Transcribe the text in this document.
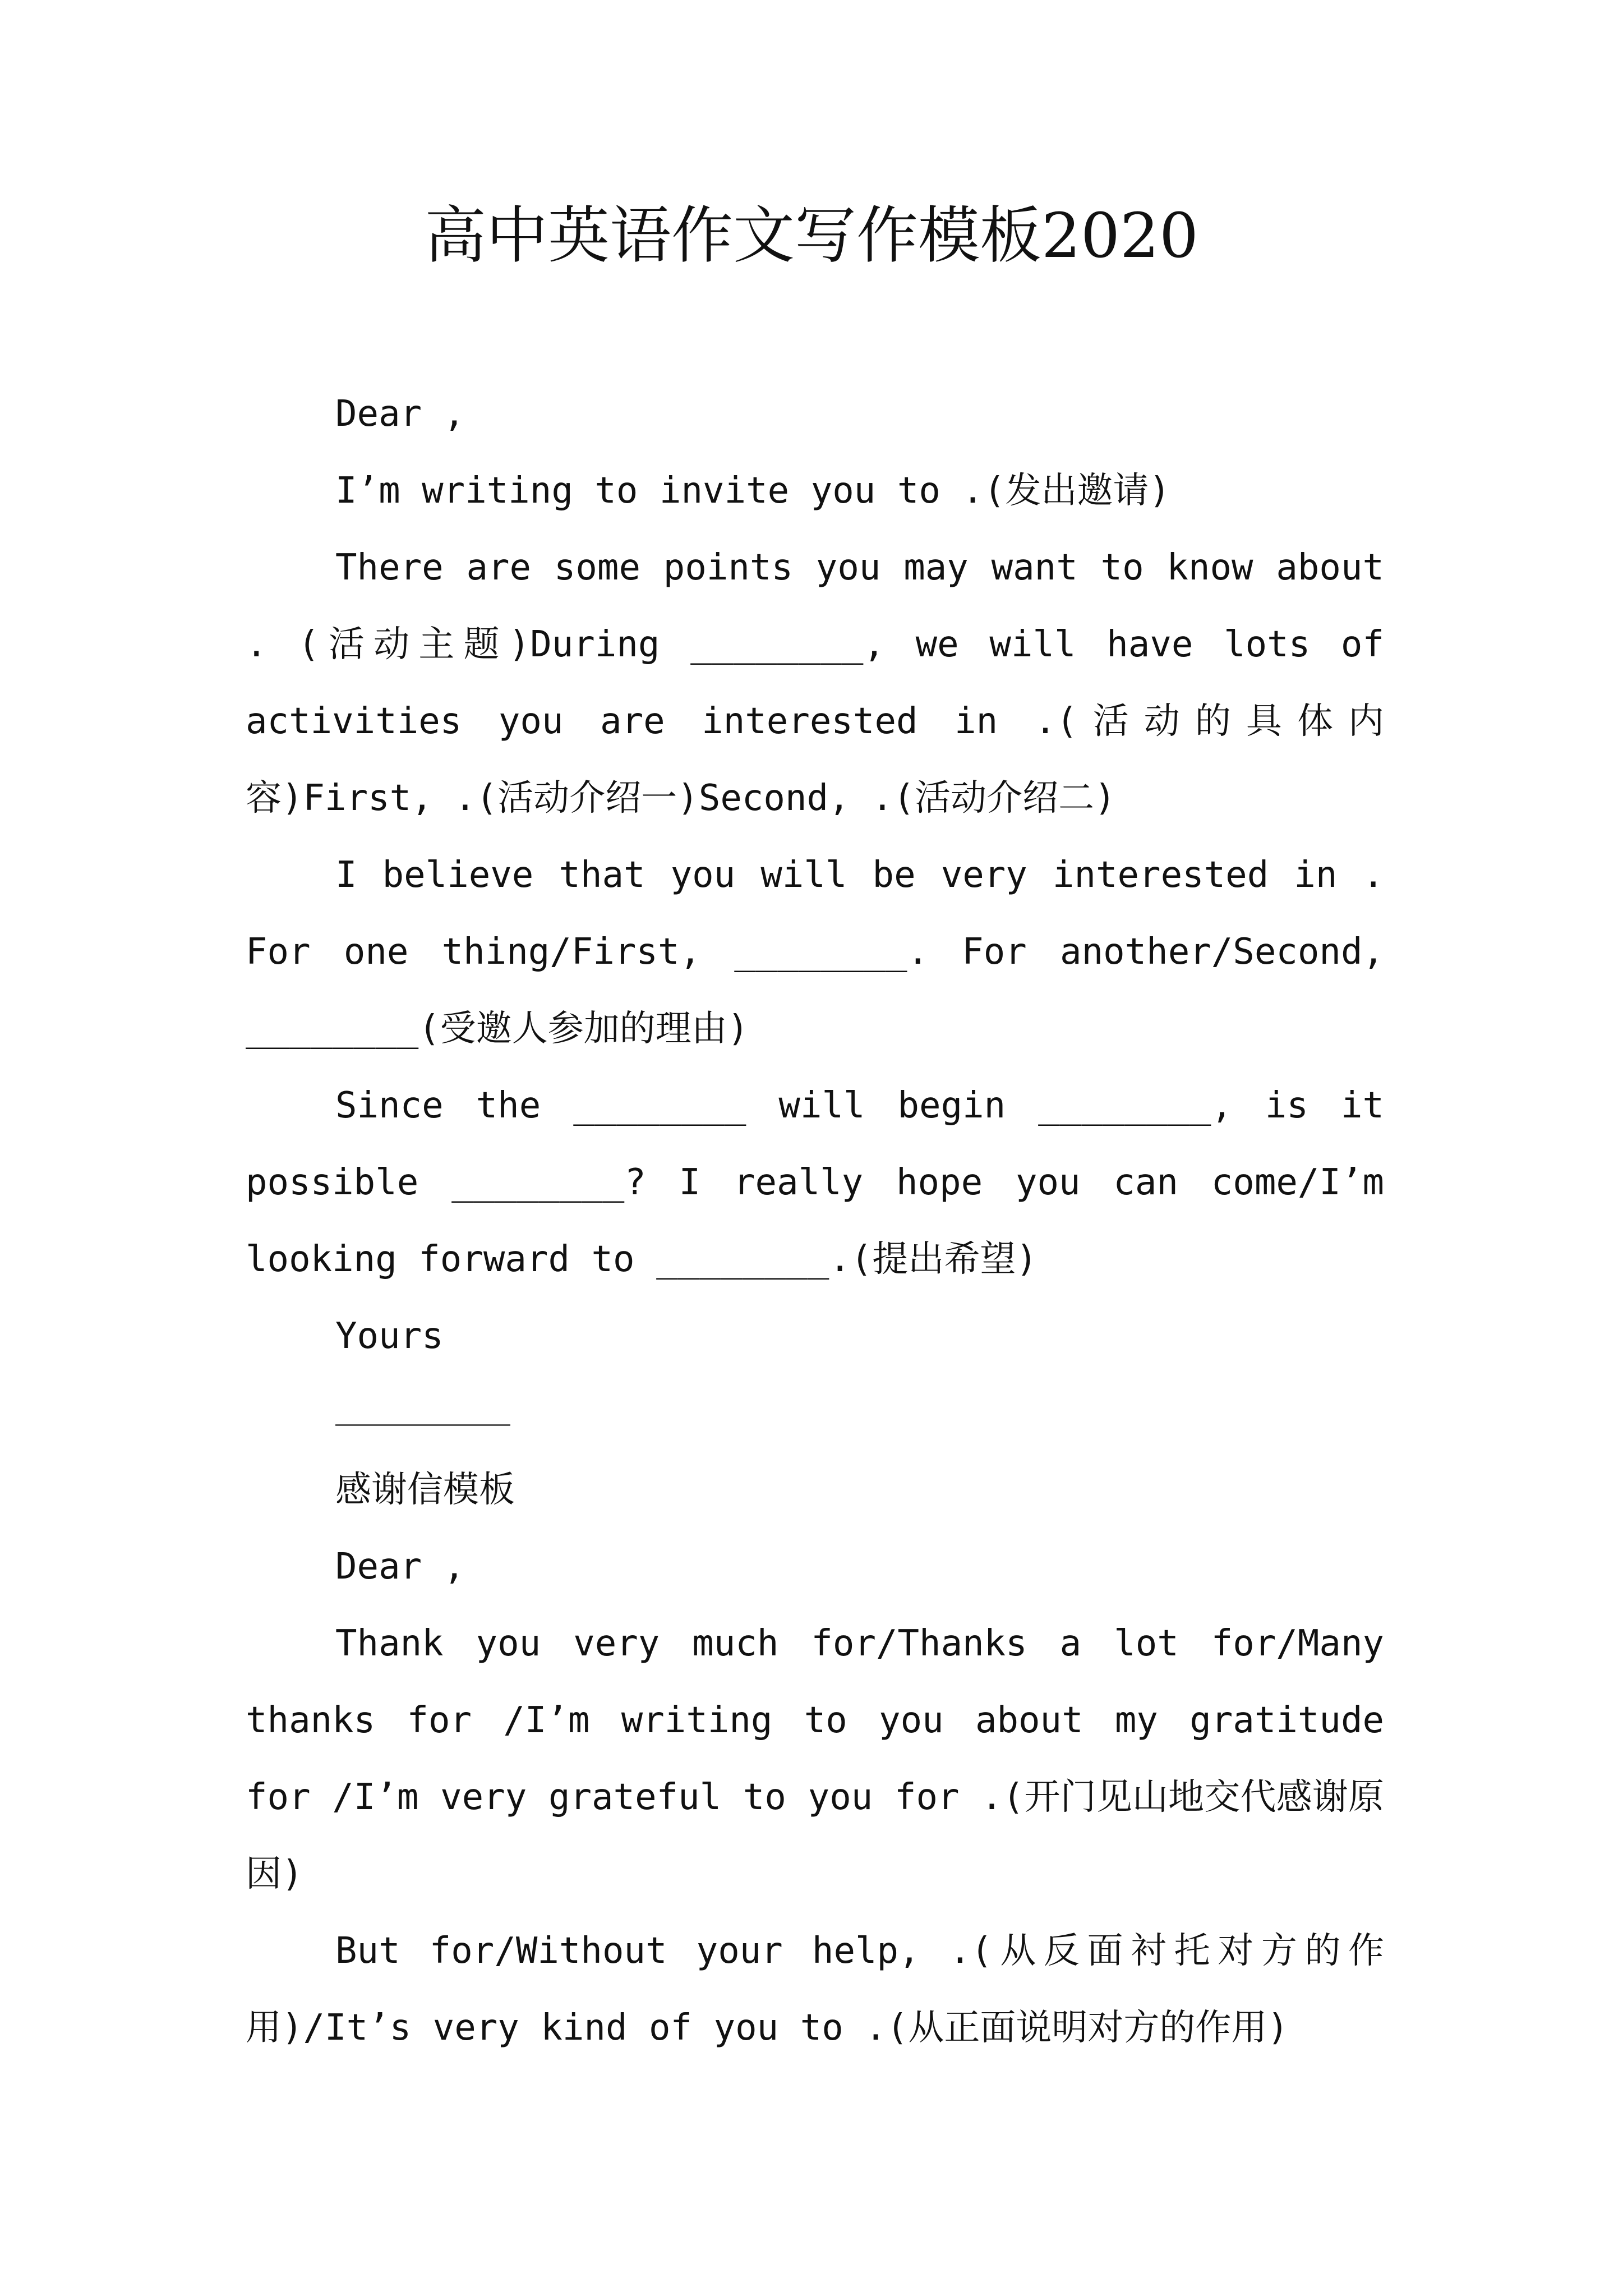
高中英语作文写作模板2020

Dear ,

I’m writing to invite you to .(发出邀请)

There are some points you may want to know about . (活动主题)During ________, we will have lots of activities you are interested in .(活动的具体内容)First, .(活动介绍一)Second, .(活动介绍二)

I believe that you will be very interested in . For one thing/First, ________. For another/Second, ________(受邀人参加的理由)

Since the ________ will begin ________, is it possible ________? I really hope you can come/I’m looking forward to ________.(提出希望)

Yours

感谢信模板

Dear ,

Thank you very much for/Thanks a lot for/Many thanks for /I’m writing to you about my gratitude for /I’m very grateful to you for .(开门见山地交代感谢原因)

But for/Without your help, .(从反面衬托对方的作用)/It’s very kind of you to .(从正面说明对方的作用)
